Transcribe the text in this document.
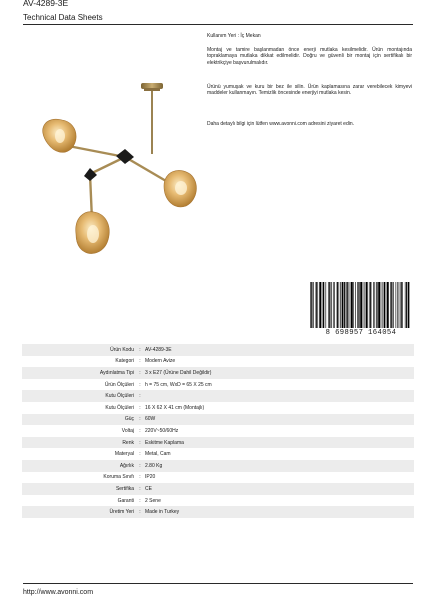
AV-4289-3E
Technical Data Sheets
Kullanım Yeri : İç Mekan

Montaj ve tamire başlanmadan önce enerji mutlaka kesilmelidir. Ürün montajında topraklamaya mutlaka dikkat edilmelidir. Doğru ve güvenli bir montaj için sertifikalı bir elektrikçiye başvurulmalıdır.

Ürünü yumuşak ve kuru bir bez ile silin. Ürün kaplamasına zarar verebilecek kimyevi maddeler kullanmayın. Temizlik öncesinde enerjiyi mutlaka kesin.

Daha detaylı bilgi için lütfen www.avonni.com adresini ziyaret edin.

8 698957 164054
Ürün Kodu	:	AV-4289-3E
Kategori	:	Modern Avize
Aydınlatma Tipi	:	3 x E27 (Ürüne Dahil Değildir)
Ürün Ölçüleri	:	h = 75 cm, WxD = 65 X 25 cm
Kutu Ölçüleri	:	
Kutu Ölçüleri	:	16 X 62 X 41 cm (Montajlı)
Güç	:	60W
Voltaj	:	220V~50/60Hz
Renk	:	Eskitme Kaplama
Materyal	:	Metal, Cam
Ağırlık	:	2.80 Kg
Koruma Sınıfı	:	IP20
Sertifika	:	CE
Garanti	:	2 Sene
Üretim Yeri	:	Made in Turkey
http://www.avonni.com
